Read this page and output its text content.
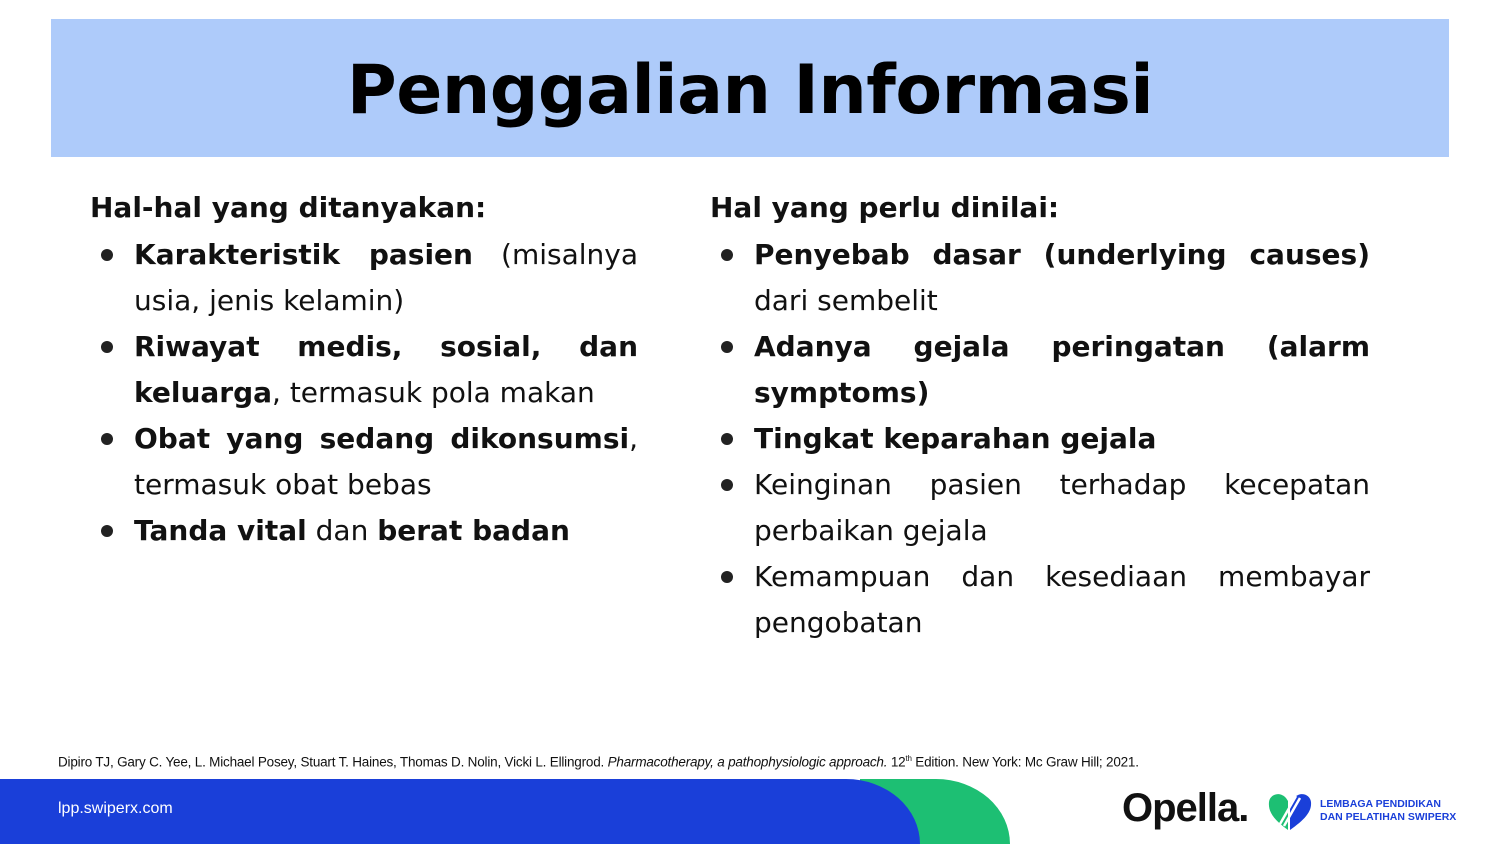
Penggalian Informasi
Hal-hal yang ditanyakan:
Karakteristik pasien (misalnya usia, jenis kelamin)
Riwayat medis, sosial, dan keluarga, termasuk pola makan
Obat yang sedang dikonsumsi, termasuk obat bebas
Tanda vital dan berat badan
Hal yang perlu dinilai:
Penyebab dasar (underlying causes) dari sembelit
Adanya gejala peringatan (alarm symptoms)
Tingkat keparahan gejala
Keinginan pasien terhadap kecepatan perbaikan gejala
Kemampuan dan kesediaan membayar pengobatan
Dipiro TJ, Gary C. Yee, L. Michael Posey, Stuart T. Haines, Thomas D. Nolin, Vicki L. Ellingrod. Pharmacotherapy, a pathophysiologic approach. 12th Edition. New York: Mc Graw Hill; 2021.
lpp.swiperx.com	Opella.	LEMBAGA PENDIDIKAN
DAN PELATIHAN SWIPERX
